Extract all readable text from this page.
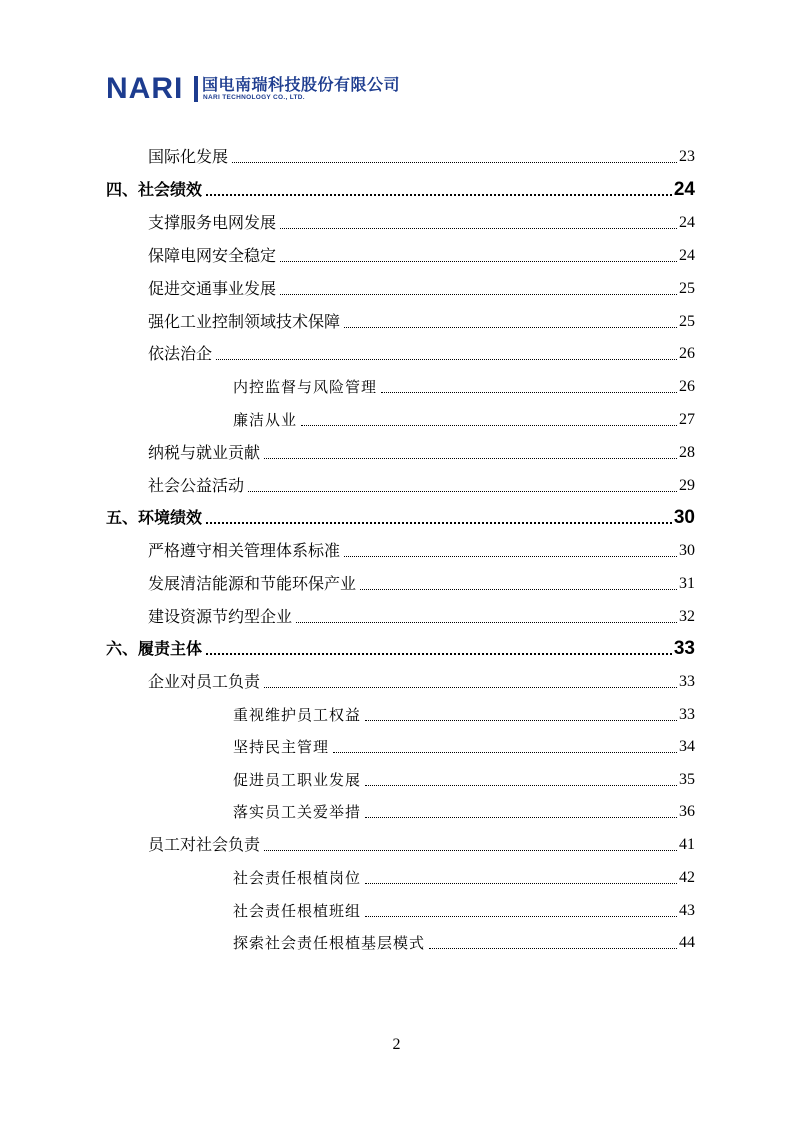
NARI 国电南瑞科技股份有限公司
NARI TECHNOLOGY CO., LTD.
国际化发展	23
四、社会绩效	24
支撑服务电网发展	24
保障电网安全稳定	24
促进交通事业发展	25
强化工业控制领域技术保障	25
依法治企	26
内控监督与风险管理	26
廉洁从业	27
纳税与就业贡献	28
社会公益活动	29
五、环境绩效	30
严格遵守相关管理体系标准	30
发展清洁能源和节能环保产业	31
建设资源节约型企业	32
六、履责主体	33
企业对员工负责	33
重视维护员工权益	33
坚持民主管理	34
促进员工职业发展	35
落实员工关爱举措	36
员工对社会负责	41
社会责任根植岗位	42
社会责任根植班组	43
探索社会责任根植基层模式	44
2
